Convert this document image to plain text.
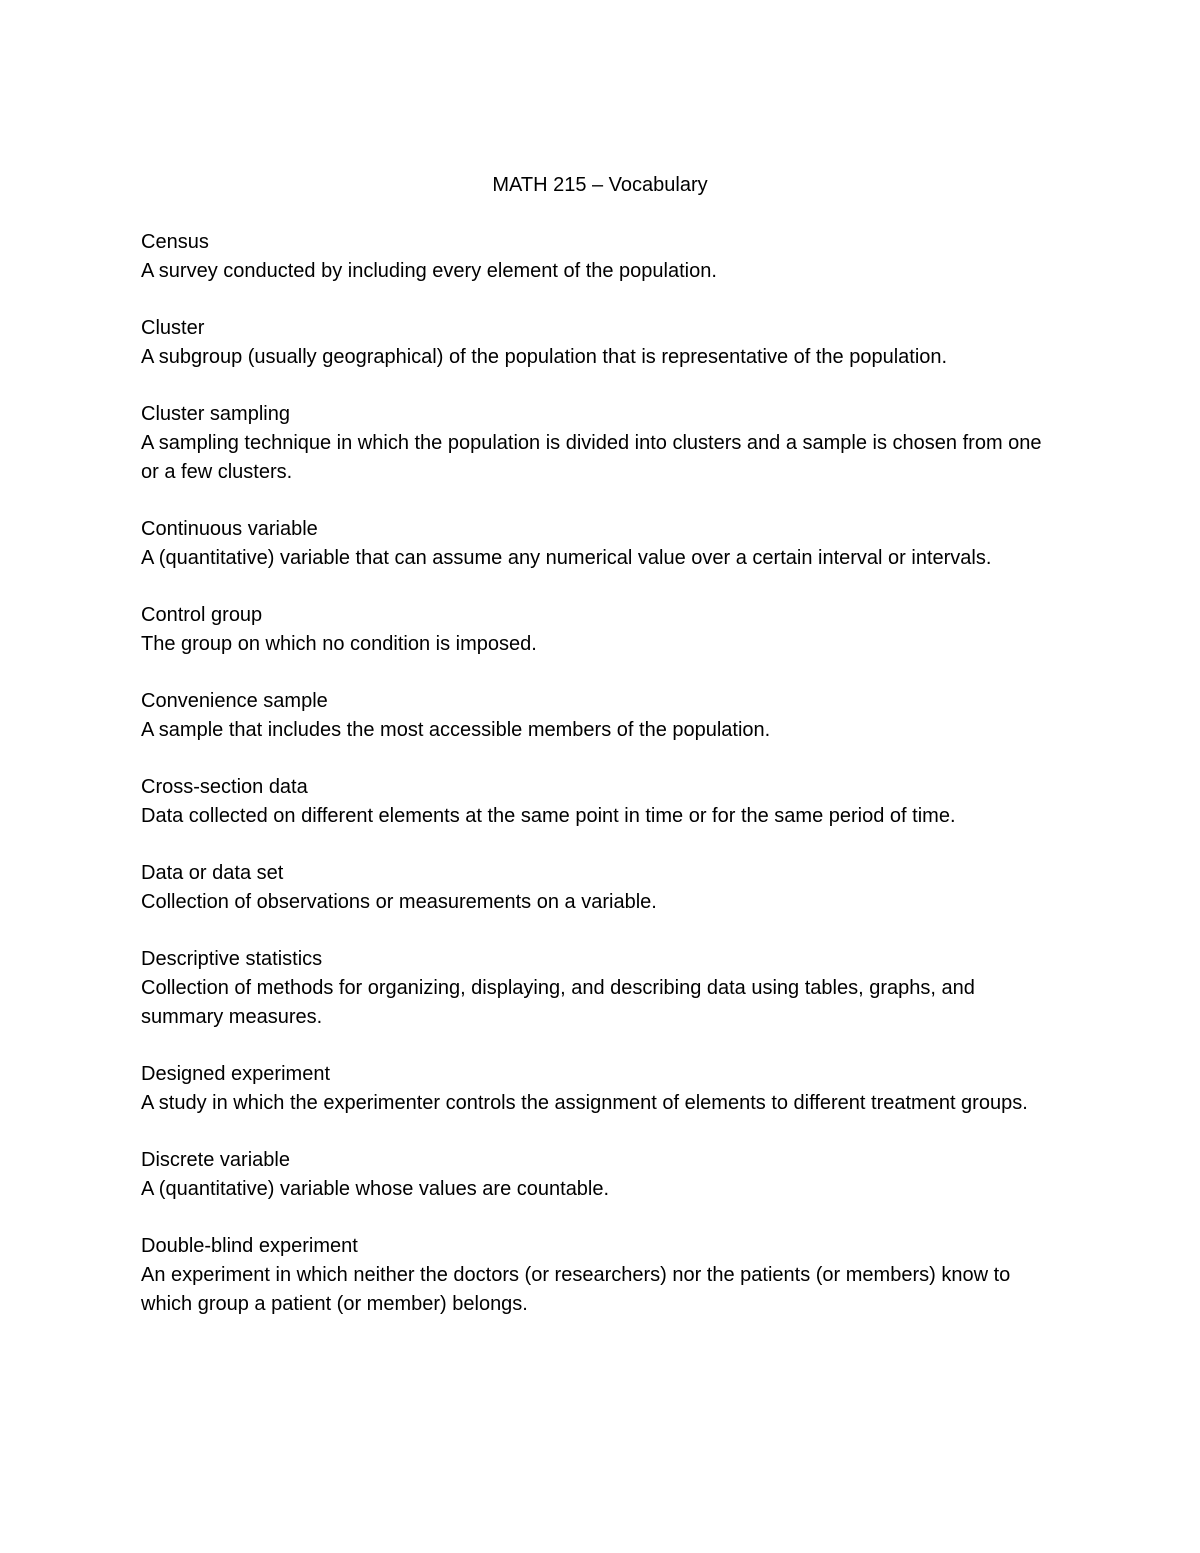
MATH 215 – Vocabulary
Census
A survey conducted by including every element of the population.
Cluster
A subgroup (usually geographical) of the population that is representative of the population.
Cluster sampling
A sampling technique in which the population is divided into clusters and a sample is chosen from one or a few clusters.
Continuous variable
A (quantitative) variable that can assume any numerical value over a certain interval or intervals.
Control group
The group on which no condition is imposed.
Convenience sample
A sample that includes the most accessible members of the population.
Cross-section data
Data collected on different elements at the same point in time or for the same period of time.
Data or data set
Collection of observations or measurements on a variable.
Descriptive statistics
Collection of methods for organizing, displaying, and describing data using tables, graphs, and summary measures.
Designed experiment
A study in which the experimenter controls the assignment of elements to different treatment groups.
Discrete variable
A (quantitative) variable whose values are countable.
Double-blind experiment
An experiment in which neither the doctors (or researchers) nor the patients (or members) know to which group a patient (or member) belongs.
